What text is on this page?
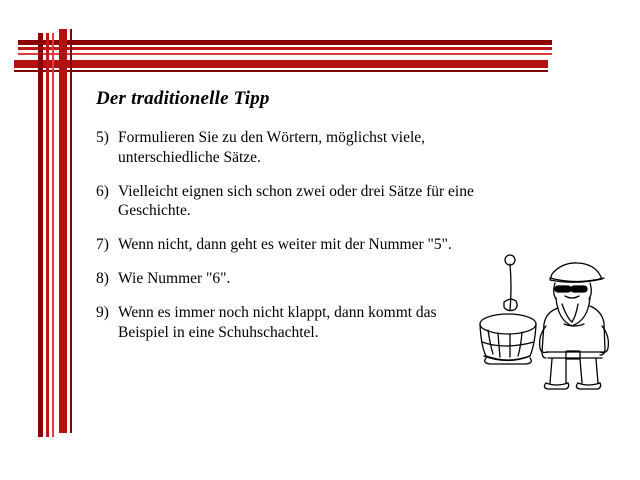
Der traditionelle Tipp
5) Formulieren Sie zu den Wörtern, möglichst viele, unterschiedliche Sätze.
6) Vielleicht eignen sich schon zwei oder drei Sätze für eine Geschichte.
7) Wenn nicht, dann geht es weiter mit der Nummer "5".
8) Wie Nummer "6".
9) Wenn es immer noch nicht klappt, dann kommt das Beispiel in eine Schuhschachtel.
